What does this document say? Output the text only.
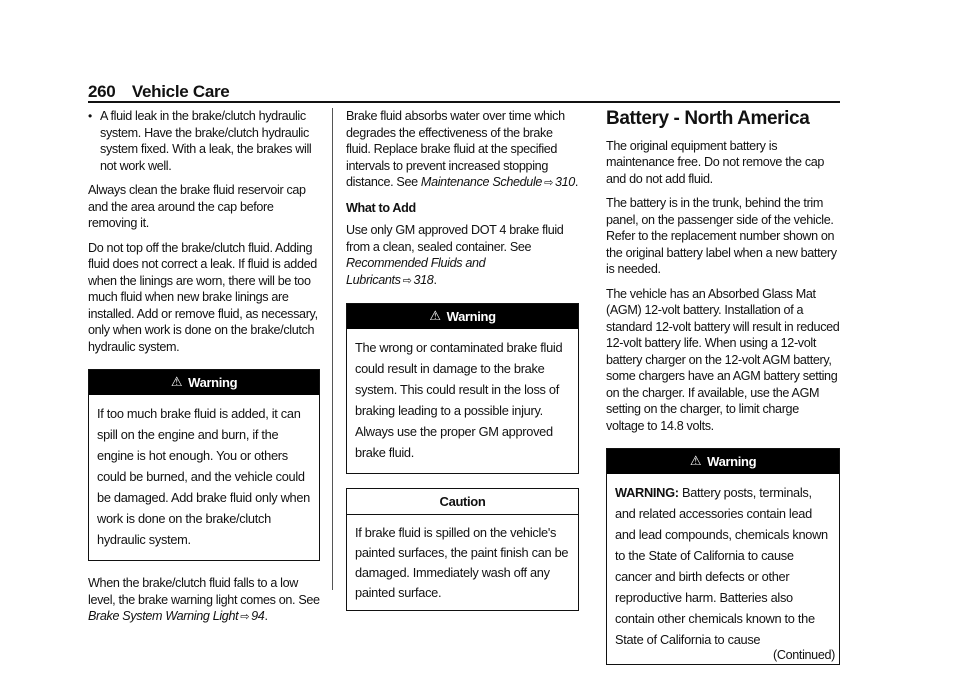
260 Vehicle Care
• A fluid leak in the brake/clutch hydraulic system. Have the brake/clutch hydraulic system fixed. With a leak, the brakes will not work well.

Always clean the brake fluid reservoir cap and the area around the cap before removing it.

Do not top off the brake/clutch fluid. Adding fluid does not correct a leak. If fluid is added when the linings are worn, there will be too much fluid when new brake linings are installed. Add or remove fluid, as necessary, only when work is done on the brake/clutch hydraulic system.

⚠ Warning
If too much brake fluid is added, it can spill on the engine and burn, if the engine is hot enough. You or others could be burned, and the vehicle could be damaged. Add brake fluid only when work is done on the brake/clutch hydraulic system.

When the brake/clutch fluid falls to a low level, the brake warning light comes on. See Brake System Warning Light ⇨ 94.

Brake fluid absorbs water over time which degrades the effectiveness of the brake fluid. Replace brake fluid at the specified intervals to prevent increased stopping distance. See Maintenance Schedule ⇨ 310.

What to Add

Use only GM approved DOT 4 brake fluid from a clean, sealed container. See Recommended Fluids and Lubricants ⇨ 318.

⚠ Warning
The wrong or contaminated brake fluid could result in damage to the brake system. This could result in the loss of braking leading to a possible injury. Always use the proper GM approved brake fluid.
Caution
If brake fluid is spilled on the vehicle's painted surfaces, the paint finish can be damaged. Immediately wash off any painted surface.
Battery - North America

The original equipment battery is maintenance free. Do not remove the cap and do not add fluid.

The battery is in the trunk, behind the trim panel, on the passenger side of the vehicle. Refer to the replacement number shown on the original battery label when a new battery is needed.

The vehicle has an Absorbed Glass Mat (AGM) 12-volt battery. Installation of a standard 12-volt battery will result in reduced 12-volt battery life. When using a 12-volt battery charger on the 12-volt AGM battery, some chargers have an AGM battery setting on the charger. If available, use the AGM setting on the charger, to limit charge voltage to 14.8 volts.

⚠ Warning
WARNING: Battery posts, terminals, and related accessories contain lead and lead compounds, chemicals known to the State of California to cause cancer and birth defects or other reproductive harm. Batteries also contain other chemicals known to the State of California to cause
(Continued)
